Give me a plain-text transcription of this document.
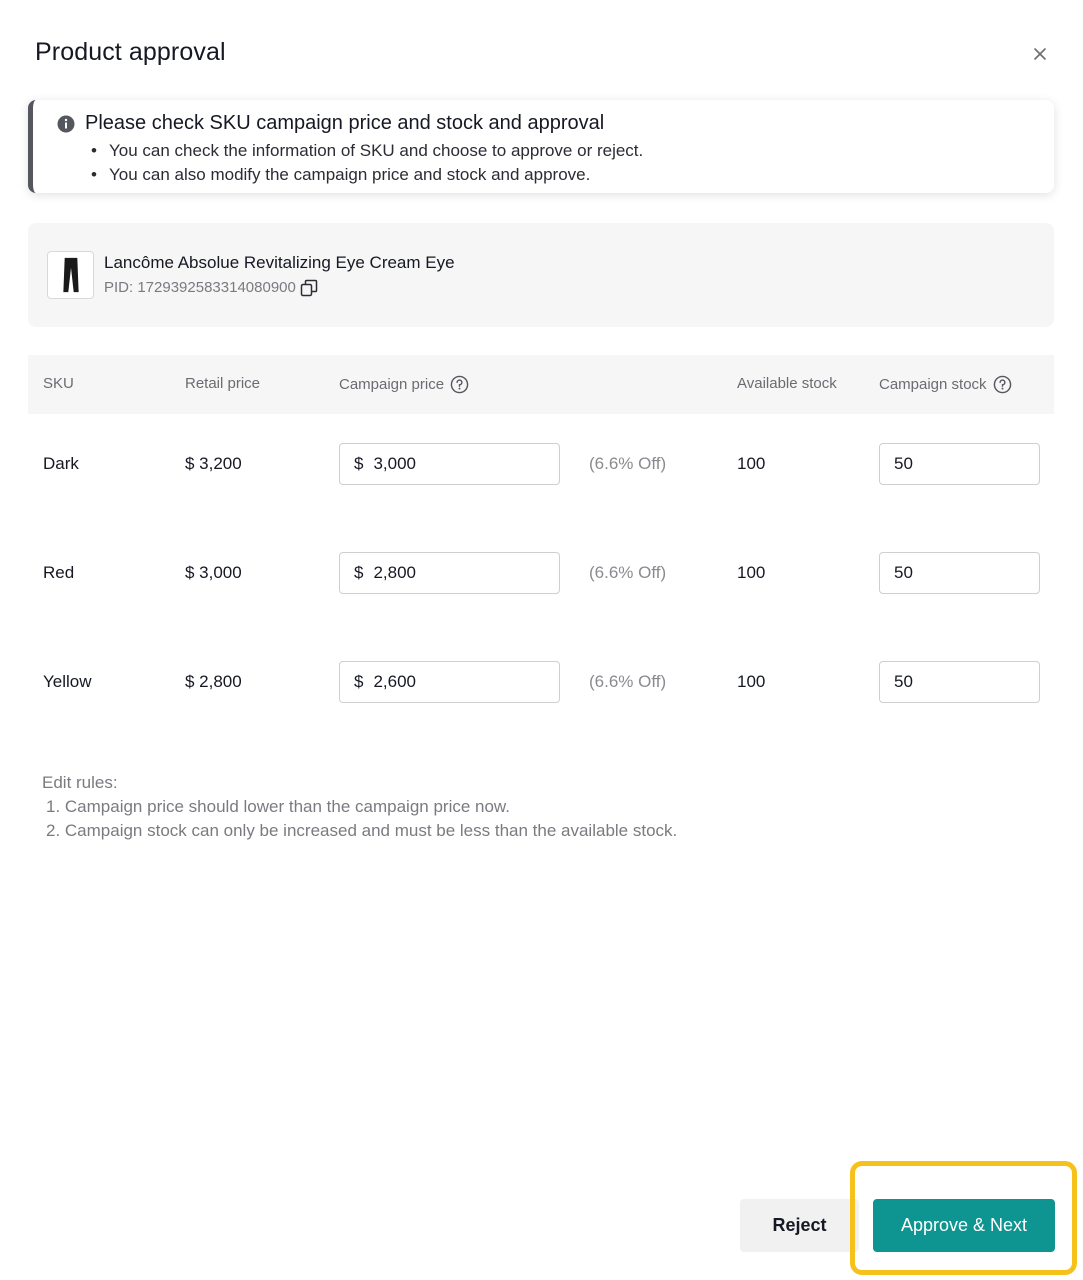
Product approval
Please check SKU campaign price and stock and approval
• You can check the information of SKU and choose to approve or reject.
• You can also modify the campaign price and stock and approve.
Lancôme Absolue Revitalizing Eye Cream Eye
PID: 1729392583314080900
SKU	Retail price	Campaign price	Available stock	Campaign stock
Dark	$ 3,200	$ 3,000	(6.6% Off)	100	50
Red	$ 3,000	$ 2,800	(6.6% Off)	100	50
Yellow	$ 2,800	$ 2,600	(6.6% Off)	100	50
Edit rules:
1. Campaign price should lower than the campaign price now.
2. Campaign stock can only be increased and must be less than the available stock.
Reject	Approve & Next
